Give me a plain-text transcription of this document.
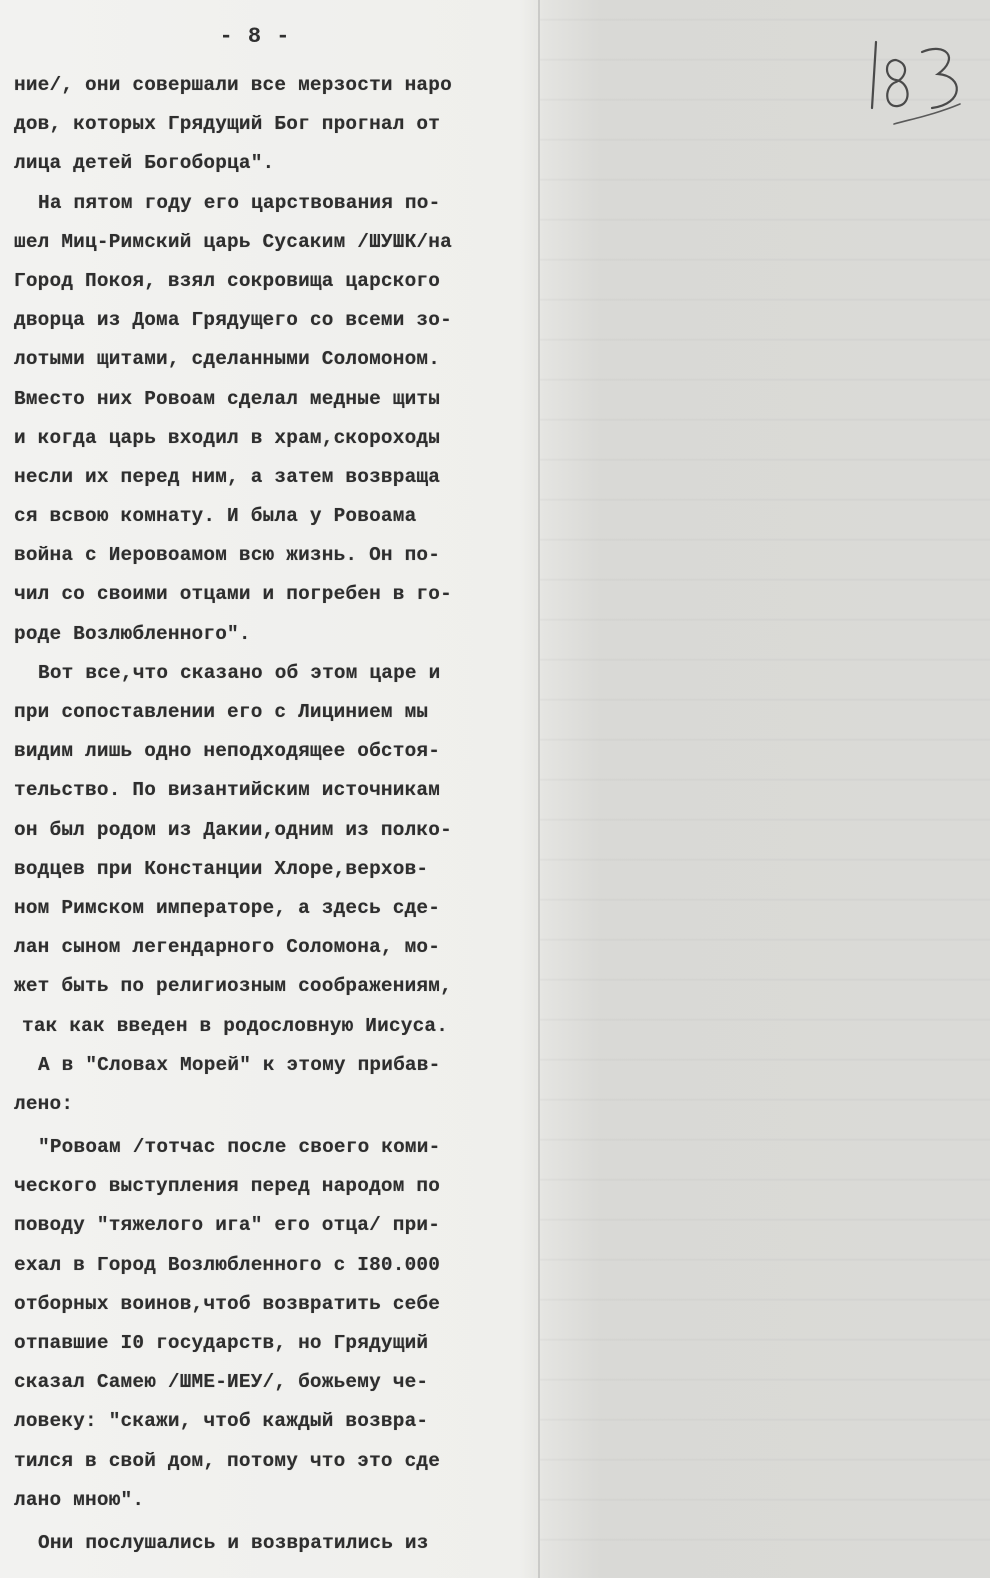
- 8 -
ние/, они совершали все мерзости наро
дов, которых Грядущий Бог прогнал от
лица детей Богоборца".
На пятом году его царствования по-
шел Миц-Римский царь Сусаким /ШУШК/на
Город Покоя, взял сокровища царского
дворца из Дома Грядущего со всеми зо-
лотыми щитами, сделанными Соломоном.
Вместо них Ровоам сделал медные щиты
и когда царь входил в храм,скороходы
несли их перед ним, а затем возвраща
ся всвою комнату. И была у Ровоама
война с Иеровоамом всю жизнь. Он по-
чил со своими отцами и погребен в го-
роде Возлюбленного".
Вот все,что сказано об этом царе и
при сопоставлении его с Лицинием мы
видим лишь одно неподходящее обстоя-
тельство. По византийским источникам
он был родом из Дакии,одним из полко-
водцев при Констанции Хлоре,верхов-
ном Римском императоре, а здесь сде-
лан сыном легендарного Соломона, мо-
жет быть по религиозным соображениям,
так как введен в родословную Иисуса.
А в "Словах Морей" к этому прибав-
лено:
"Ровоам /тотчас после своего коми-
ческого выступления перед народом по
поводу "тяжелого ига" его отца/ при-
ехал в Город Возлюбленного с I80.000
отборных воинов,чтоб возвратить себе
отпавшие I0 государств, но Грядущий
сказал Самею /ШМЕ-ИЕУ/, божьему че-
ловеку: "скажи, чтоб каждый возвра-
тился в свой дом, потому что это сде
лано мною".
Они послушались и возвратились из
